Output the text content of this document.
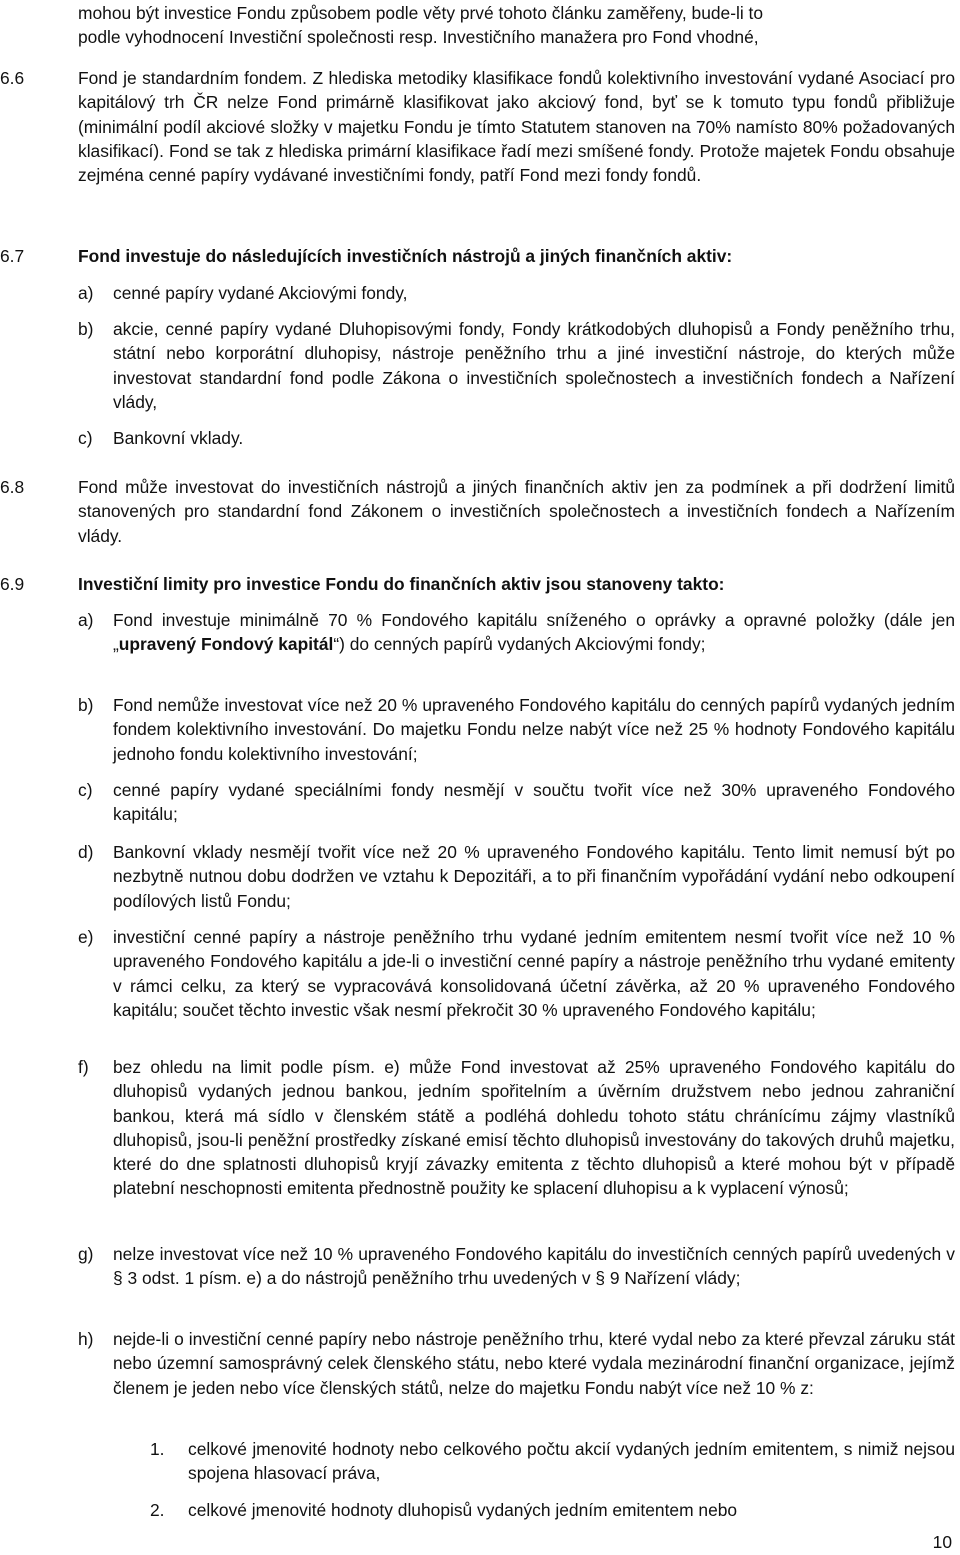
mohou být investice Fondu způsobem podle věty prvé tohoto článku zaměřeny, bude-li to
podle vyhodnocení Investiční společnosti resp. Investičního manažera pro Fond vhodné,
6.6	Fond je standardním fondem. Z hlediska metodiky klasifikace fondů kolektivního investování vydané Asociací pro kapitálový trh ČR nelze Fond primárně klasifikovat jako akciový fond, byť se k tomuto typu fondů přibližuje (minimální podíl akciové složky v majetku Fondu je tímto Statutem stanoven na 70% namísto 80% požadovaných klasifikací). Fond se tak z hlediska primární klasifikace řadí mezi smíšené fondy. Protože majetek Fondu obsahuje zejména cenné papíry vydávané investičními fondy, patří Fond mezi fondy fondů.
6.7	Fond investuje do následujících investičních nástrojů a jiných finančních aktiv:
a) cenné papíry vydané Akciovými fondy,
b) akcie, cenné papíry vydané Dluhopisovými fondy, Fondy krátkodobých dluhopisů a Fondy peněžního trhu, státní nebo korporátní dluhopisy, nástroje peněžního trhu a jiné investiční nástroje, do kterých může investovat standardní fond podle Zákona o investičních společnostech a investičních fondech a Nařízení vlády,
c) Bankovní vklady.
6.8	Fond může investovat do investičních nástrojů a jiných finančních aktiv jen za podmínek a při dodržení limitů stanovených pro standardní fond Zákonem o investičních společnostech a investičních fondech a Nařízením vlády.
6.9	Investiční limity pro investice Fondu do finančních aktiv jsou stanoveny takto:
a) Fond investuje minimálně 70 % Fondového kapitálu sníženého o oprávky a opravné položky (dále jen „upravený Fondový kapitál“) do cenných papírů vydaných Akciovými fondy;
b) Fond nemůže investovat více než 20 % upraveného Fondového kapitálu do cenných papírů vydaných jedním fondem kolektivního investování. Do majetku Fondu nelze nabýt více než 25 % hodnoty Fondového kapitálu jednoho fondu kolektivního investování;
c) cenné papíry vydané speciálními fondy nesmějí v součtu tvořit více než 30% upraveného Fondového kapitálu;
d) Bankovní vklady nesmějí tvořit více než 20 % upraveného Fondového kapitálu. Tento limit nemusí být po nezbytně nutnou dobu dodržen ve vztahu k Depozitáři, a to při finančním vypořádání vydání nebo odkoupení podílových listů Fondu;
e) investiční cenné papíry a nástroje peněžního trhu vydané jedním emitentem nesmí tvořit více než 10 % upraveného Fondového kapitálu a jde-li o investiční cenné papíry a nástroje peněžního trhu vydané emitenty v rámci celku, za který se vypracovává konsolidovaná účetní závěrka, až 20 % upraveného Fondového kapitálu; součet těchto investic však nesmí překročit 30 % upraveného Fondového kapitálu;
f) bez ohledu na limit podle písm. e) může Fond investovat až 25% upraveného Fondového kapitálu do dluhopisů vydaných jednou bankou, jedním spořitelním a úvěrním družstvem nebo jednou zahraniční bankou, která má sídlo v členském státě a podléhá dohledu tohoto státu chránícímu zájmy vlastníků dluhopisů, jsou-li peněžní prostředky získané emisí těchto dluhopisů investovány do takových druhů majetku, které do dne splatnosti dluhopisů kryjí závazky emitenta z těchto dluhopisů a které mohou být v případě platební neschopnosti emitenta přednostně použity ke splacení dluhopisu a k vyplacení výnosů;
g) nelze investovat více než 10 % upraveného Fondového kapitálu do investičních cenných papírů uvedených v § 3 odst. 1 písm. e) a do nástrojů peněžního trhu uvedených v § 9 Nařízení vlády;
h) nejde-li o investiční cenné papíry nebo nástroje peněžního trhu, které vydal nebo za které převzal záruku stát nebo územní samosprávný celek členského státu, nebo které vydala mezinárodní finanční organizace, jejímž členem je jeden nebo více členských států, nelze do majetku Fondu nabýt více než 10 % z:
1. celkové jmenovité hodnoty nebo celkového počtu akcií vydaných jedním emitentem, s nimiž nejsou spojena hlasovací práva,
2. celkové jmenovité hodnoty dluhopisů vydaných jedním emitentem nebo
10
